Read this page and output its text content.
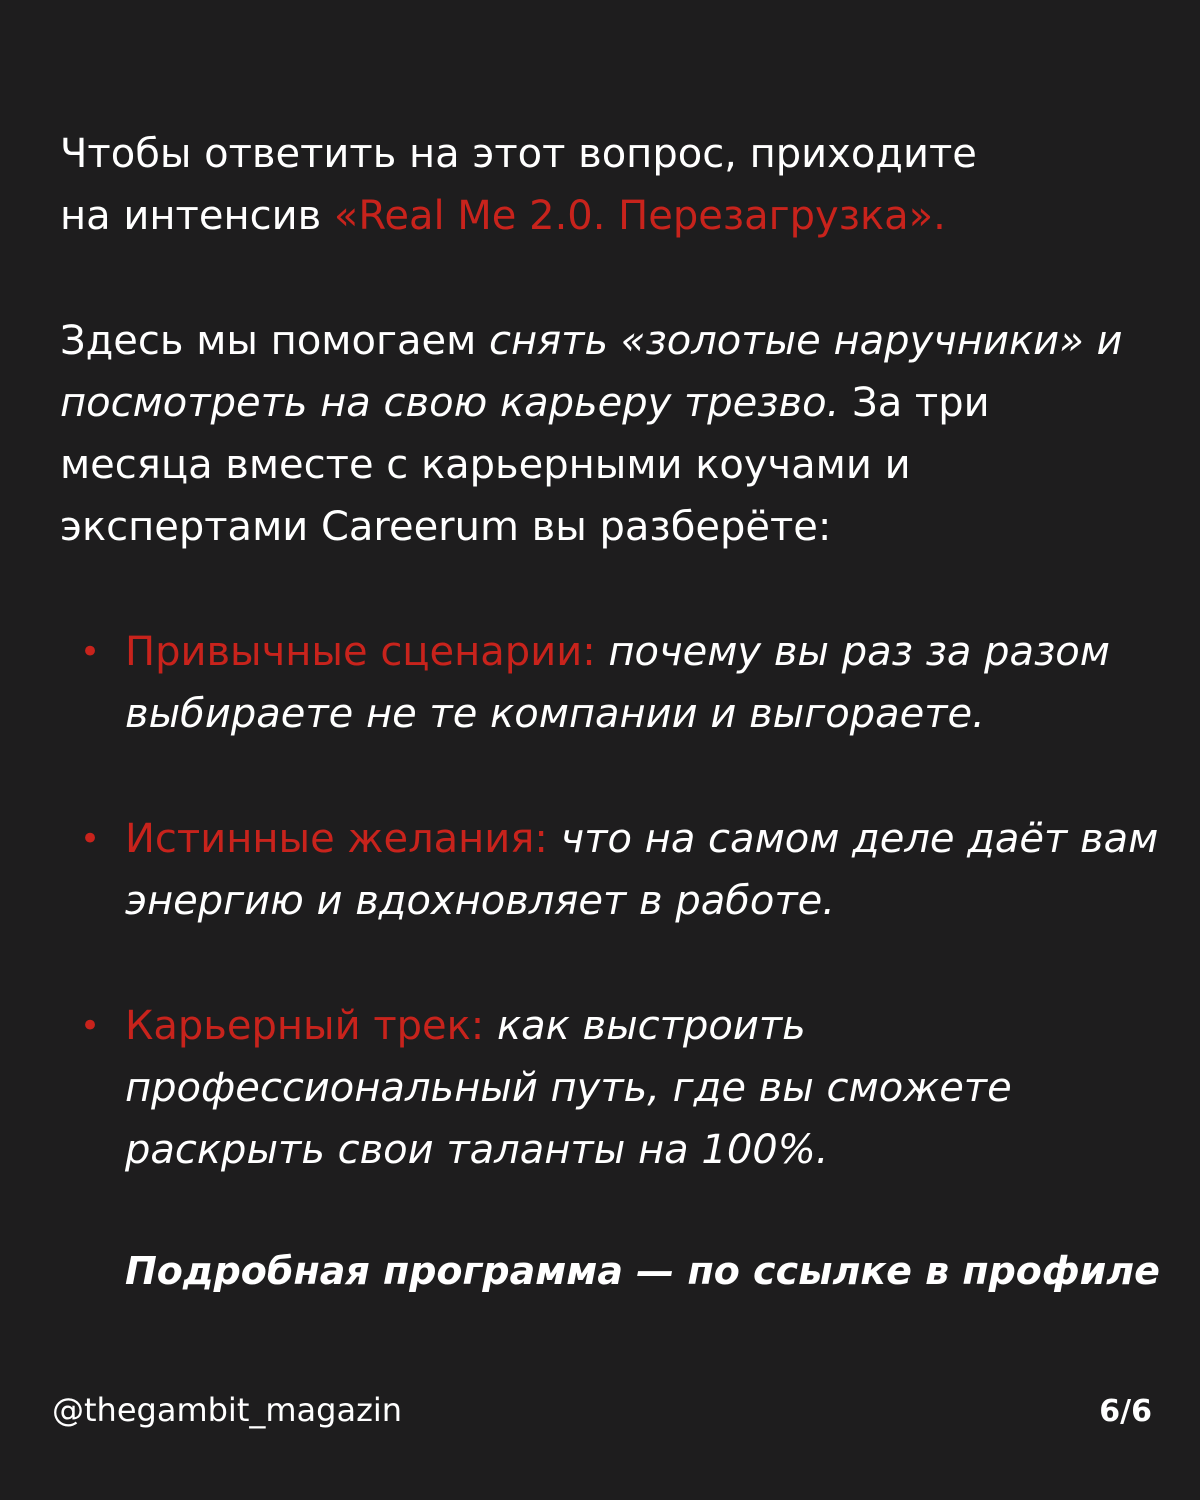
Чтобы ответить на этот вопрос, приходите
на интенсив «Real Me 2.0. Перезагрузка».
Здесь мы помогаем снять «золотые наручники» и посмотреть на свою карьеру трезво. За три месяца вместе с карьерными коучами и экспертами Careerum вы разберёте:
• Привычные сценарии: почему вы раз за разом выбираете не те компании и выгораете.
• Истинные желания: что на самом деле даёт вам энергию и вдохновляет в работе.
• Карьерный трек: как выстроить профессиональный путь, где вы сможете раскрыть свои таланты на 100%.
Подробная программа — по ссылке в профиле
@thegambit_magazin	6/6
